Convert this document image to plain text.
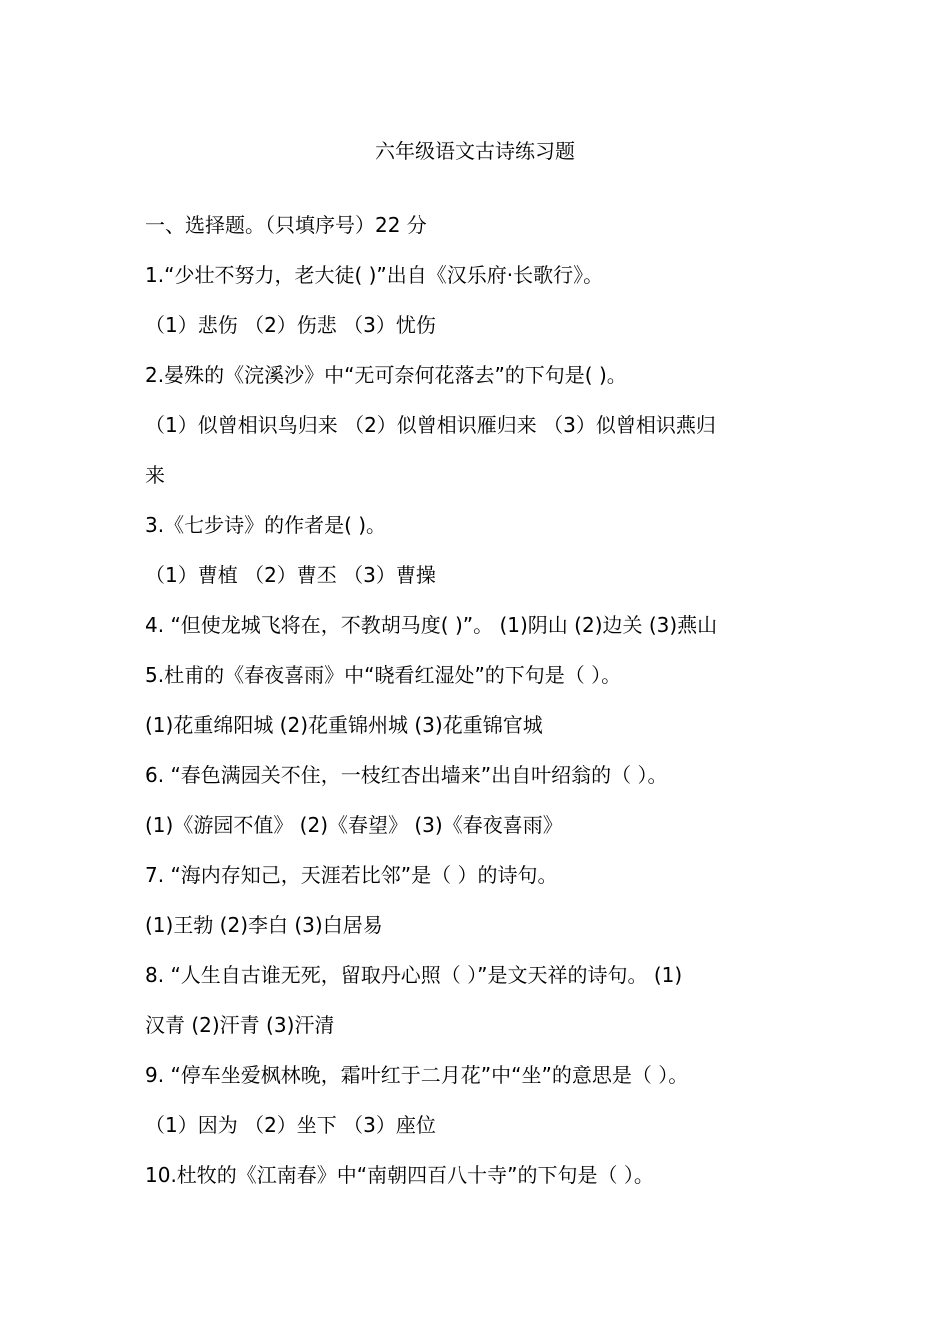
六年级语文古诗练习题
一、选择题。（只填序号）22 分
1.“少壮不努力，老大徒( )”出自《汉乐府·长歌行》。
（1）悲伤 （2）伤悲 （3）忧伤
2.晏殊的《浣溪沙》中“无可奈何花落去”的下句是( )。
（1）似曾相识鸟归来 （2）似曾相识雁归来 （3）似曾相识燕归
来
3.《七步诗》的作者是( )。
（1）曹植 （2）曹丕 （3）曹操
4. “但使龙城飞将在，不教胡马度( )”。 (1)阴山 (2)边关 (3)燕山
5.杜甫的《春夜喜雨》中“晓看红湿处”的下句是（ ）。
(1)花重绵阳城 (2)花重锦州城 (3)花重锦官城
6. “春色满园关不住，一枝红杏出墙来”出自叶绍翁的（ ）。
(1)《游园不值》 (2)《春望》 (3)《春夜喜雨》
7. “海内存知己，天涯若比邻”是（ ）的诗句。
(1)王勃 (2)李白 (3)白居易
8. “人生自古谁无死，留取丹心照（ ）”是文天祥的诗句。 (1)
汉青 (2)汗青 (3)汗清
9. “停车坐爱枫林晚，霜叶红于二月花”中“坐”的意思是（ ）。
（1）因为 （2）坐下 （3）座位
10.杜牧的《江南春》中“南朝四百八十寺”的下句是（ ）。
